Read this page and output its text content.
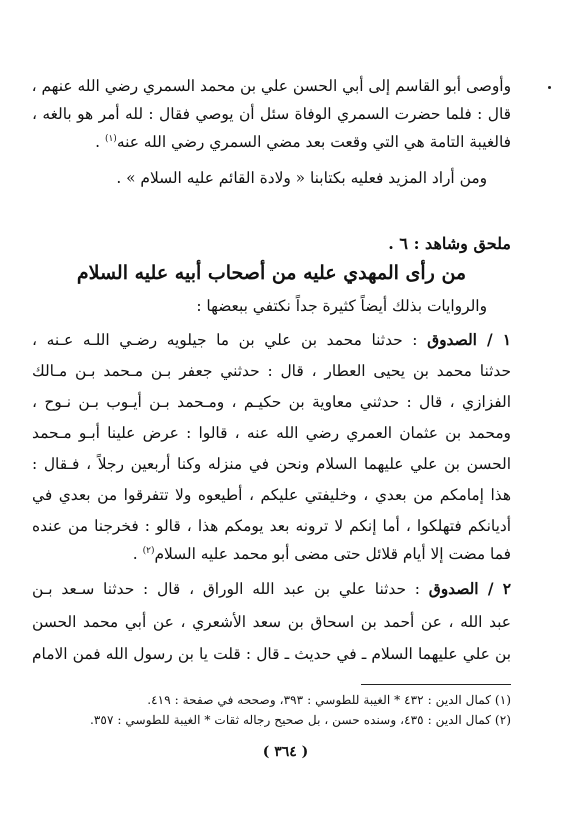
وأوصى أبو القاسم إلى أبي الحسن علي بن محمد السمري رضي الله عنهم ،
قال : فلما حضرت السمري الوفاة سئل أن يوصي فقال : لله أمر هو بالغه ،
فالغيبة التامة هي التي وقعت بعد مضي السمري رضي الله عنه$^{(١)}$ .
ومن أراد المزيد فعليه بكتابنا « ولادة القائم عليه السلام » .
ملحق وشاهد : ٦ .
من رأى المهدي عليه من أصحاب أبيه عليه السلام
والروايات بذلك أيضاً كثيرة جداً نكتفي ببعضها :
١ / الصدوق : حدثنا محمد بن علي بن ما جيلويه رضـي اللـه عـنه ،
حدثنا محمد بن يحيى العطار ، قال : حدثني جعفر بـن مـحمد بـن مـالك
الفزازي ، قال : حدثني معاوية بن حكيـم ، ومـحمد بـن أيـوب بـن نـوح ،
ومحمد بن عثمان العمري رضي الله عنه ، قالوا : عرض علينا أبـو مـحمد
الحسن بن علي عليهما السلام ونحن في منزله وكنا أربعين رجلاً ، فـقال :
هذا إمامكم من بعدي ، وخليفتي عليكم ، أطيعوه ولا تتفرقوا من بعدي في
أديانكم فتهلكوا ، أما إنكم لا ترونه بعد يومكم هذا ، قالو : فخرجنا من عنده
فما مضت إلا أيام قلائل حتى مضى أبو محمد عليه السلام$^{(٢)}$ .
٢ / الصدوق : حدثنا علي بن عبد الله الوراق ، قال : حدثنا سـعد بـن
عبد الله ، عن أحمد بن اسحاق بن سعد الأشعري ، عن أبي محمد الحسن
بن علي عليهما السلام ـ في حديث ـ قال : قلت يا بن رسول الله فمن الامام
(١) كمال الدين : ٤٣٢ * الغيبة للطوسي : ٣٩٣، وصححه في صفحة : ٤١٩.
(٢) كمال الدين : ٤٣٥، وسنده حسن ، بل صحيح رجاله ثقات * الغيبة للطوسي : ٣٥٧.
( ٣٦٤ )
